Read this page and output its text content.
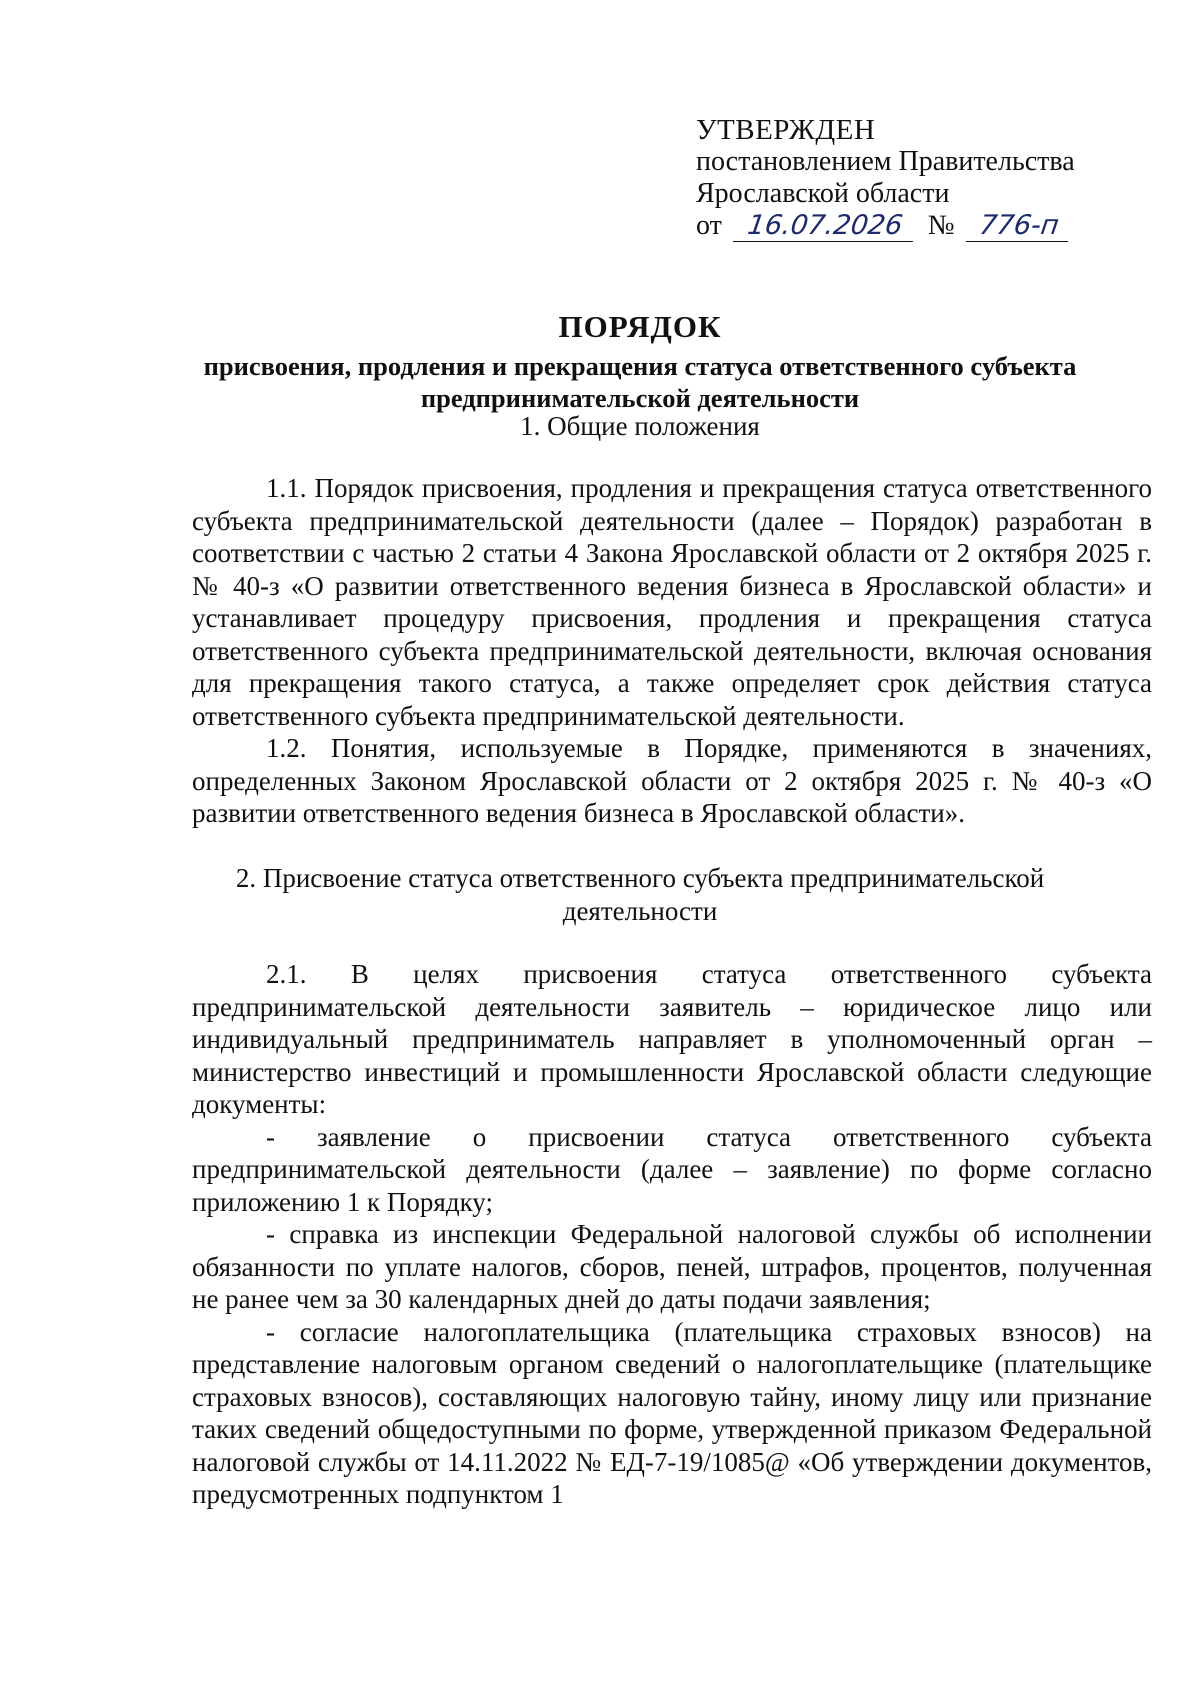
УТВЕРЖДЕН
постановлением Правительства
Ярославской области
от 16.07.2026 № 776-п
ПОРЯДОК
присвоения, продления и прекращения статуса ответственного субъекта
предпринимательской деятельности
1. Общие положения

1.1. Порядок присвоения, продления и прекращения статуса ответственного субъекта предпринимательской деятельности (далее – Порядок) разработан в соответствии с частью 2 статьи 4 Закона Ярославской области от 2 октября 2025 г. № 40-з «О развитии ответственного ведения бизнеса в Ярославской области» и устанавливает процедуру присвоения, продления и прекращения статуса ответственного субъекта предпринимательской деятельности, включая основания для прекращения такого статуса, а также определяет срок действия статуса ответственного субъекта предпринимательской деятельности.

1.2. Понятия, используемые в Порядке, применяются в значениях, определенных Законом Ярославской области от 2 октября 2025 г. № 40-з «О развитии ответственного ведения бизнеса в Ярославской области».

2. Присвоение статуса ответственного субъекта предпринимательской
деятельности

2.1. В целях присвоения статуса ответственного субъекта предпринимательской деятельности заявитель – юридическое лицо или индивидуальный предприниматель направляет в уполномоченный орган – министерство инвестиций и промышленности Ярославской области следующие документы:

- заявление о присвоении статуса ответственного субъекта предпринимательской деятельности (далее – заявление) по форме согласно приложению 1 к Порядку;

- справка из инспекции Федеральной налоговой службы об исполнении обязанности по уплате налогов, сборов, пеней, штрафов, процентов, полученная не ранее чем за 30 календарных дней до даты подачи заявления;

- согласие налогоплательщика (плательщика страховых взносов) на представление налоговым органом сведений о налогоплательщике (плательщике страховых взносов), составляющих налоговую тайну, иному лицу или признание таких сведений общедоступными по форме, утвержденной приказом Федеральной налоговой службы от 14.11.2022 № ЕД-7-19/1085@ «Об утверждении документов, предусмотренных подпунктом 1
